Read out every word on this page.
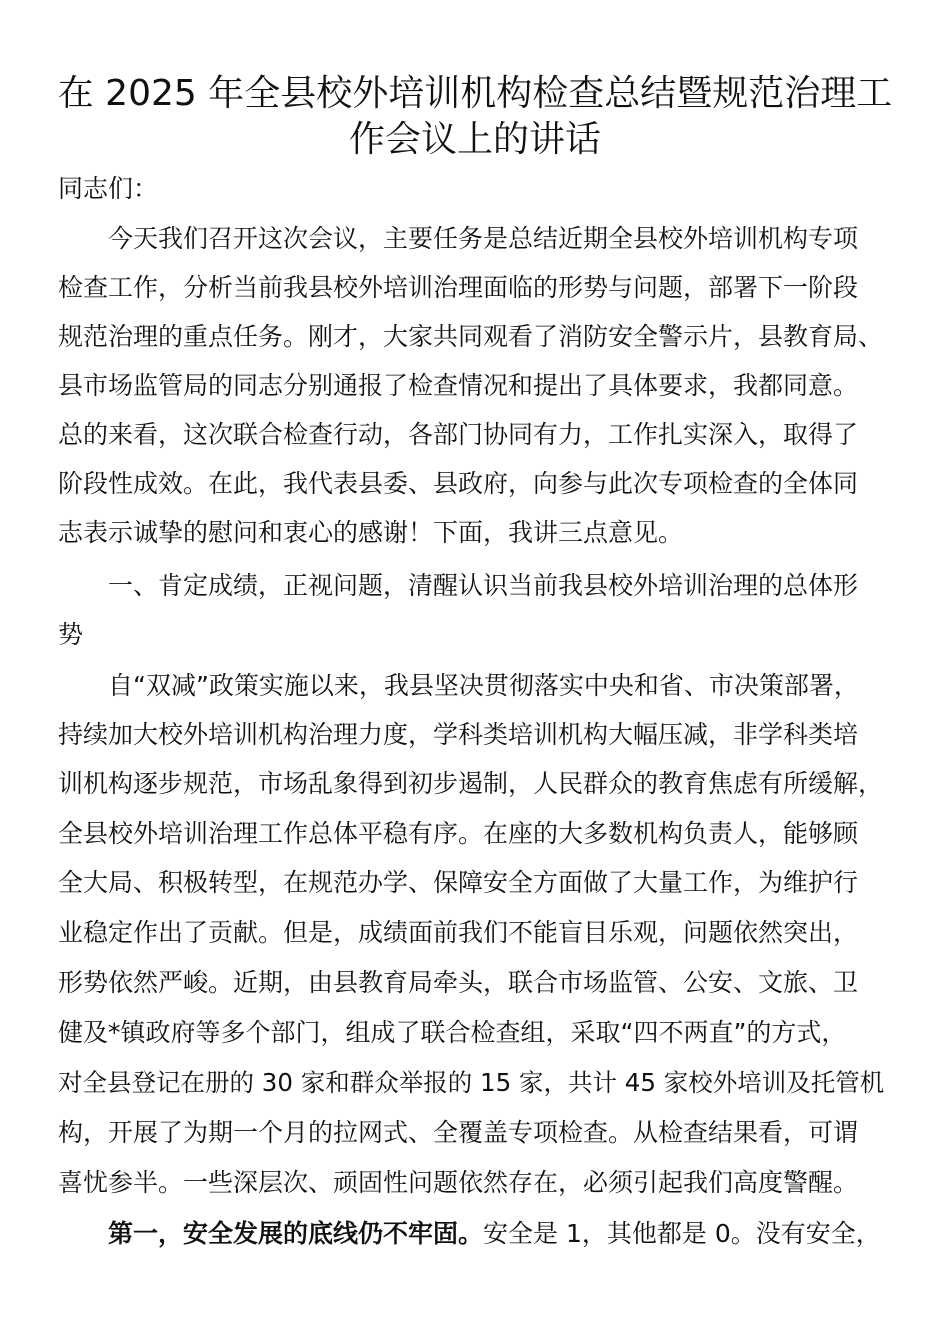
在 2025 年全县校外培训机构检查总结暨规范治理工
作会议上的讲话
同志们：
　　今天我们召开这次会议，主要任务是总结近期全县校外培训机构专项
检查工作，分析当前我县校外培训治理面临的形势与问题，部署下一阶段
规范治理的重点任务。刚才，大家共同观看了消防安全警示片，县教育局、
县市场监管局的同志分别通报了检查情况和提出了具体要求，我都同意。
总的来看，这次联合检查行动，各部门协同有力，工作扎实深入，取得了
阶段性成效。在此，我代表县委、县政府，向参与此次专项检查的全体同
志表示诚挚的慰问和衷心的感谢！下面，我讲三点意见。
　　一、肯定成绩，正视问题，清醒认识当前我县校外培训治理的总体形
势
　　自“双减”政策实施以来，我县坚决贯彻落实中央和省、市决策部署，
持续加大校外培训机构治理力度，学科类培训机构大幅压减，非学科类培
训机构逐步规范，市场乱象得到初步遏制，人民群众的教育焦虑有所缓解，
全县校外培训治理工作总体平稳有序。在座的大多数机构负责人，能够顾
全大局、积极转型，在规范办学、保障安全方面做了大量工作，为维护行
业稳定作出了贡献。但是，成绩面前我们不能盲目乐观，问题依然突出，
形势依然严峻。近期，由县教育局牵头，联合市场监管、公安、文旅、卫
健及*镇政府等多个部门，组成了联合检查组，采取“四不两直”的方式，
对全县登记在册的 30 家和群众举报的 15 家，共计 45 家校外培训及托管机
构，开展了为期一个月的拉网式、全覆盖专项检查。从检查结果看，可谓
喜忧参半。一些深层次、顽固性问题依然存在，必须引起我们高度警醒。
　　第一，安全发展的底线仍不牢固。安全是 1，其他都是 0。没有安全，
